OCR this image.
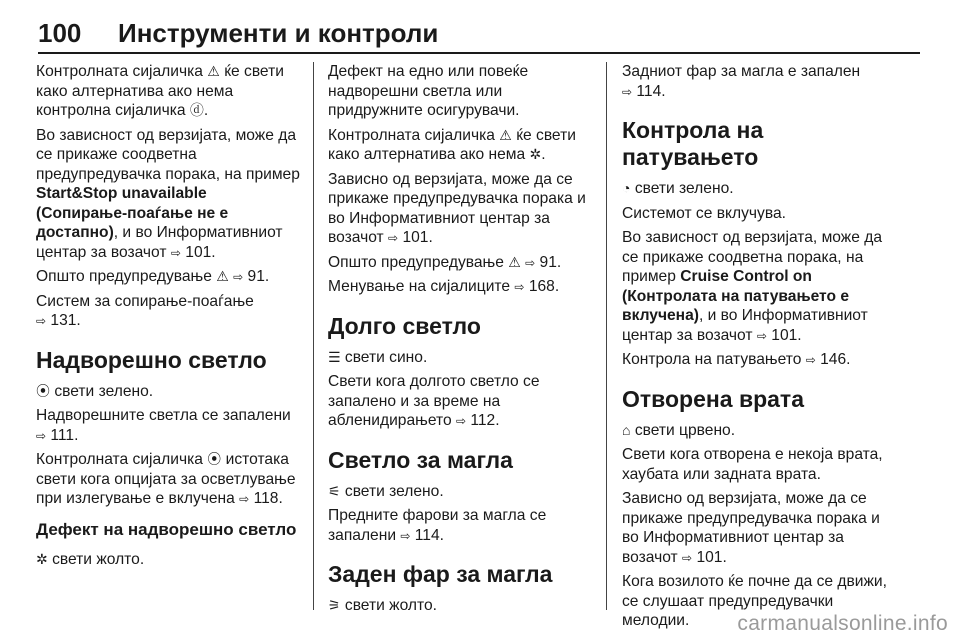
100 Инструменти и контроли

Контролната сијаличка ⚠ ќе свети како алтернатива ако нема контролна сијаличка ⓓ.

Во зависност од верзијата, може да се прикаже соодветна предупредувачка порака, на пример Start&Stop unavailable (Сопирање-поаѓање не е достапно), и во Информативниот центар за возачот ⇨ 101.

Општо предупредување ⚠ ⇨ 91.

Систем за сопирање-поаѓање
⇨ 131.

Надворешно светло

⦿ свети зелено.

Надворешните светла се запалени
⇨ 111.

Контролната сијаличка ⦿ истотака свети кога опцијата за осветлување при излегување е вклучена ⇨ 118.

Дефект на надворешно светло

✲ свети жолто.

Дефект на едно или повеќе надворешни светла или придружните осигурувачи.

Контролната сијаличка ⚠ ќе свети како алтернатива ако нема ✲.

Зависно од верзијата, може да се прикаже предупредувачка порака и во Информативниот центар за возачот ⇨ 101.

Општо предупредување ⚠ ⇨ 91.

Менување на сијалиците ⇨ 168.

Долго светло

☰ свети сино.

Свети кога долгото светло се запалено и за време на абленидирањето ⇨ 112.

Светло за магла

⚟ свети зелено.

Предните фарови за магла се запалени ⇨ 114.

Заден фар за магла

⚞ свети жолто.

Задниот фар за магла е запален
⇨ 114.

Контрола на патувањето

◔ свети зелено.

Системот се вклучува.

Во зависност од верзијата, може да се прикаже соодветна порака, на пример Cruise Control on (Контролата на патувањето е вклучена), и во Информативниот центар за возачот ⇨ 101.

Контрола на патувањето ⇨ 146.

Отворена врата

⌂ свети црвено.

Свети кога отворена е некоја врата, хаубата или задната врата.

Зависно од верзијата, може да се прикаже предупредувачка порака и во Информативниот центар за возачот ⇨ 101.

Кога возилото ќе почне да се движи, се слушаат предупредувачки мелодии.	carmanualsonline.info
